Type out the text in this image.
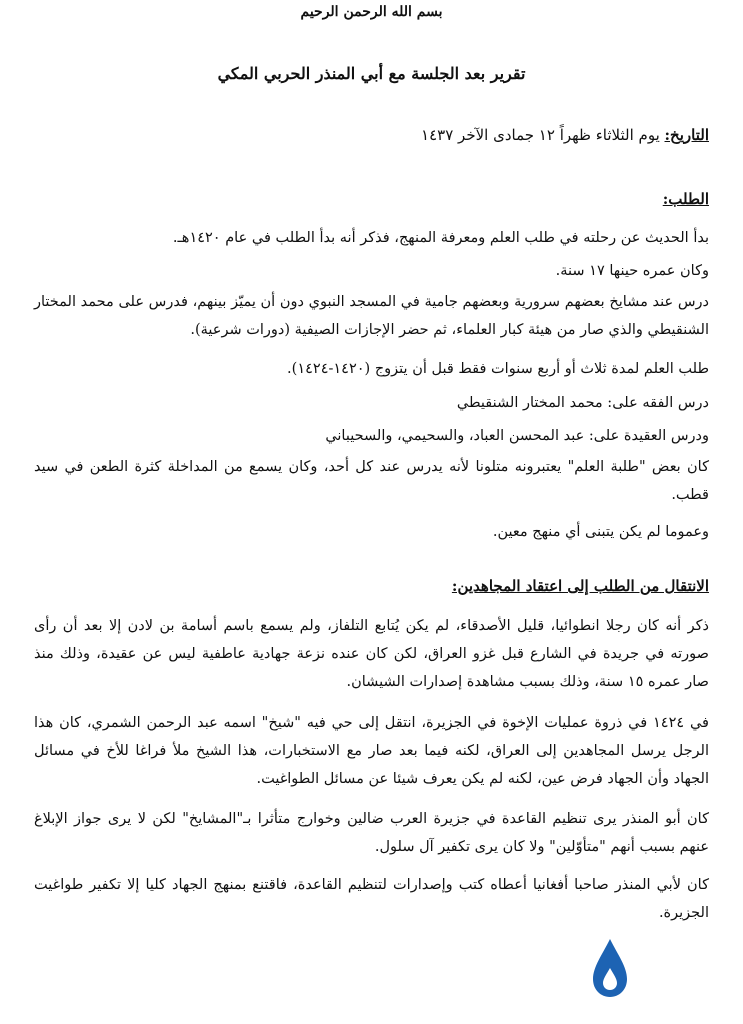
بسم الله الرحمن الرحيم
تقرير بعد الجلسة مع أبي المنذر الحربي المكي
التاريخ: يوم الثلاثاء ظهراً ١٢ جمادى الآخر ١٤٣٧
الطلب:
بدأ الحديث عن رحلته في طلب العلم ومعرفة المنهج، فذكر أنه بدأ الطلب في عام ١٤٢٠هـ.
وكان عمره حينها ١٧ سنة.
درس عند مشايخ بعضهم سرورية وبعضهم جامية في المسجد النبوي دون أن يميّز بينهم، فدرس على محمد المختار الشنقيطي والذي صار من هيئة كبار العلماء، ثم حضر الإجازات الصيفية (دورات شرعية).
طلب العلم لمدة ثلاث أو أربع سنوات فقط قبل أن يتزوج (١٤٢٠-١٤٢٤).
درس الفقه على: محمد المختار الشنقيطي
ودرس العقيدة على: عبد المحسن العباد، والسحيمي، والسحيباني
كان بعض "طلبة العلم" يعتبرونه متلونا لأنه يدرس عند كل أحد، وكان يسمع من المداخلة كثرة الطعن في سيد قطب.
وعموما لم يكن يتبنى أي منهج معين.
الانتقال من الطلب إلى اعتقاد المجاهدين:
ذكر أنه كان رجلا انطوائيا، قليل الأصدقاء، لم يكن يُتابع التلفاز، ولم يسمع باسم أسامة بن لادن إلا بعد أن رأى صورته في جريدة في الشارع قبل غزو العراق، لكن كان عنده نزعة جهادية عاطفية ليس عن عقيدة، وذلك منذ صار عمره ١٥ سنة، وذلك بسبب مشاهدة إصدارات الشيشان.
في ١٤٢٤ في ذروة عمليات الإخوة في الجزيرة، انتقل إلى حي فيه "شيخ" اسمه عبد الرحمن الشمري، كان هذا الرجل يرسل المجاهدين إلى العراق، لكنه فيما بعد صار مع الاستخبارات، هذا الشيخ ملأ فراغا للأخ في مسائل الجهاد وأن الجهاد فرض عين، لكنه لم يكن يعرف شيئا عن مسائل الطواغيت.
كان أبو المنذر يرى تنظيم القاعدة في جزيرة العرب ضالين وخوارج متأثرا بـ"المشايخ" لكن لا يرى جواز الإبلاغ عنهم بسبب أنهم "متأوّلين" ولا كان يرى تكفير آل سلول.
كان لأبي المنذر صاحبا أفغانيا أعطاه كتب وإصدارات لتنظيم القاعدة، فاقتنع بمنهج الجهاد كليا إلا تكفير طواغيت الجزيرة.
